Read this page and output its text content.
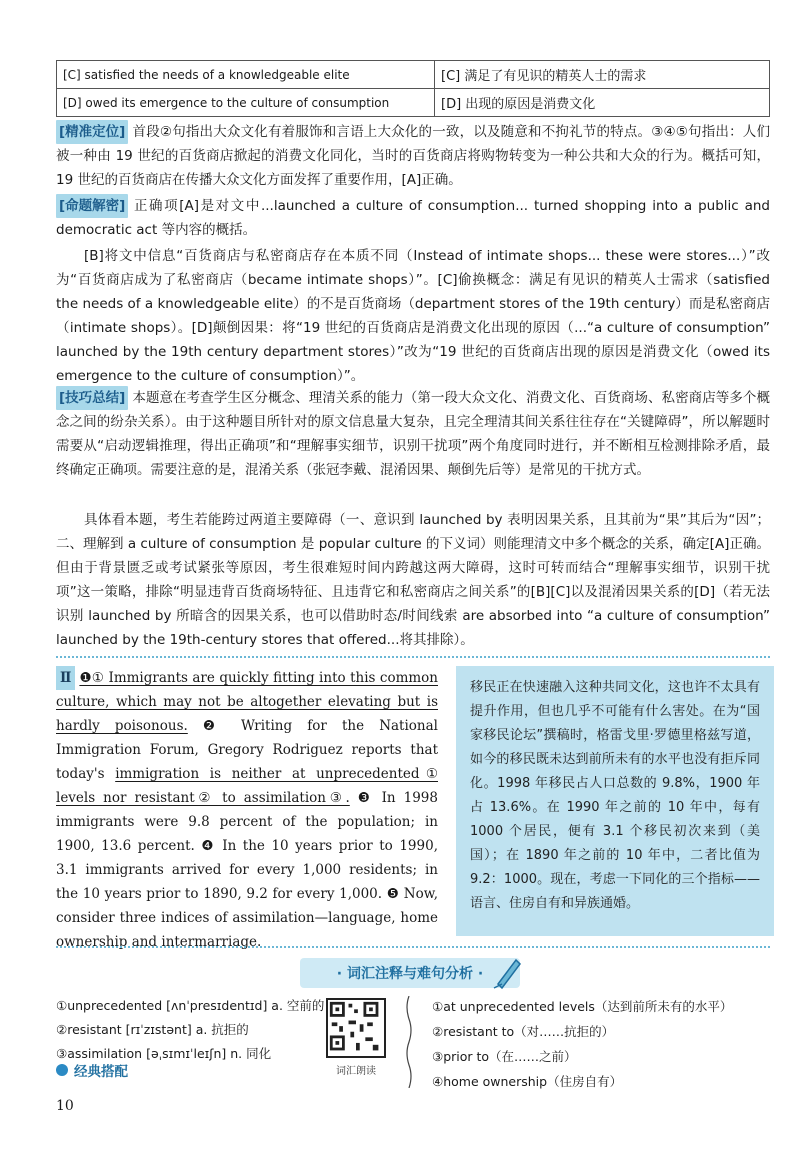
[C] satisfied the needs of a knowledgeable elite	[C] 满足了有见识的精英人士的需求
[D] owed its emergence to the culture of consumption	[D] 出现的原因是消费文化
[精准定位] 首段②句指出大众文化有着服饰和言语上大众化的一致，以及随意和不拘礼节的特点。③④⑤句指出：人们被一种由 19 世纪的百货商店掀起的消费文化同化，当时的百货商店将购物转变为一种公共和大众的行为。概括可知，19 世纪的百货商店在传播大众文化方面发挥了重要作用，[A]正确。
[命题解密] 正确项[A]是对文中...launched a culture of consumption... turned shopping into a public and democratic act 等内容的概括。
[B]将文中信息“百货商店与私密商店存在本质不同（Instead of intimate shops... these were stores...）”改为“百货商店成为了私密商店（became intimate shops）”。[C]偷换概念：满足有见识的精英人士需求（satisfied the needs of a knowledgeable elite）的不是百货商场（department stores of the 19th century）而是私密商店（intimate shops）。[D]颠倒因果：将“19 世纪的百货商店是消费文化出现的原因（...“a culture of consumption” launched by the 19th century department stores）”改为“19 世纪的百货商店出现的原因是消费文化（owed its emergence to the culture of consumption）”。
[技巧总结] 本题意在考查学生区分概念、理清关系的能力（第一段大众文化、消费文化、百货商场、私密商店等多个概念之间的纷杂关系）。由于这种题目所针对的原文信息量大复杂，且完全理清其间关系往往存在“关键障碍”，所以解题时需要从“启动逻辑推理，得出正确项”和“理解事实细节，识别干扰项”两个角度同时进行，并不断相互检测排除矛盾，最终确定正确项。需要注意的是，混淆关系（张冠李戴、混淆因果、颠倒先后等）是常见的干扰方式。
具体看本题，考生若能跨过两道主要障碍（一、意识到 launched by 表明因果关系，且其前为“果”其后为“因”；二、理解到 a culture of consumption 是 popular culture 的下义词）则能理清文中多个概念的关系，确定[A]正确。但由于背景匮乏或考试紧张等原因，考生很难短时间内跨越这两大障碍，这时可转而结合“理解事实细节，识别干扰项”这一策略，排除“明显违背百货商场特征、且违背它和私密商店之间关系”的[B][C]以及混淆因果关系的[D]（若无法识别 launched by 所暗含的因果关系，也可以借助时态/时间线索 are absorbed into “a culture of consumption” launched by the 19th-century stores that offered...将其排除）。
Ⅱ ❶① Immigrants are quickly fitting into this common culture, which may not be altogether elevating but is hardly poisonous. ❷ Writing for the National Immigration Forum, Gregory Rodriguez reports that today's immigration is neither at unprecedented① levels nor resistant② to assimilation③. ❸ In 1998 immigrants were 9.8 percent of the population; in 1900, 13.6 percent. ❹ In the 10 years prior to 1990, 3.1 immigrants arrived for every 1,000 residents; in the 10 years prior to 1890, 9.2 for every 1,000. ❺ Now, consider three indices of assimilation—language, home ownership and intermarriage.
移民正在快速融入这种共同文化，这也许不太具有提升作用，但也几乎不可能有什么害处。在为“国家移民论坛”撰稿时，格雷戈里·罗德里格兹写道，如今的移民既未达到前所未有的水平也没有拒斥同化。1998 年移民占人口总数的 9.8%，1900 年占 13.6%。在 1990 年之前的 10 年中，每有 1000 个居民，便有 3.1 个移民初次来到（美国）；在 1890 年之前的 10 年中，二者比值为 9.2：1000。现在，考虑一下同化的三个指标——语言、住房自有和异族通婚。
· 词汇注释与难句分析 ·
①unprecedented [ʌnˈpresɪdentɪd] a. 空前的
②resistant [rɪˈzɪstənt] a. 抗拒的
③assimilation [əˌsɪmɪˈleɪʃn] n. 同化
词汇朗读
①at unprecedented levels（达到前所未有的水平）
②resistant to（对……抗拒的）
③prior to（在……之前）
④home ownership（住房自有）
经典搭配
10
